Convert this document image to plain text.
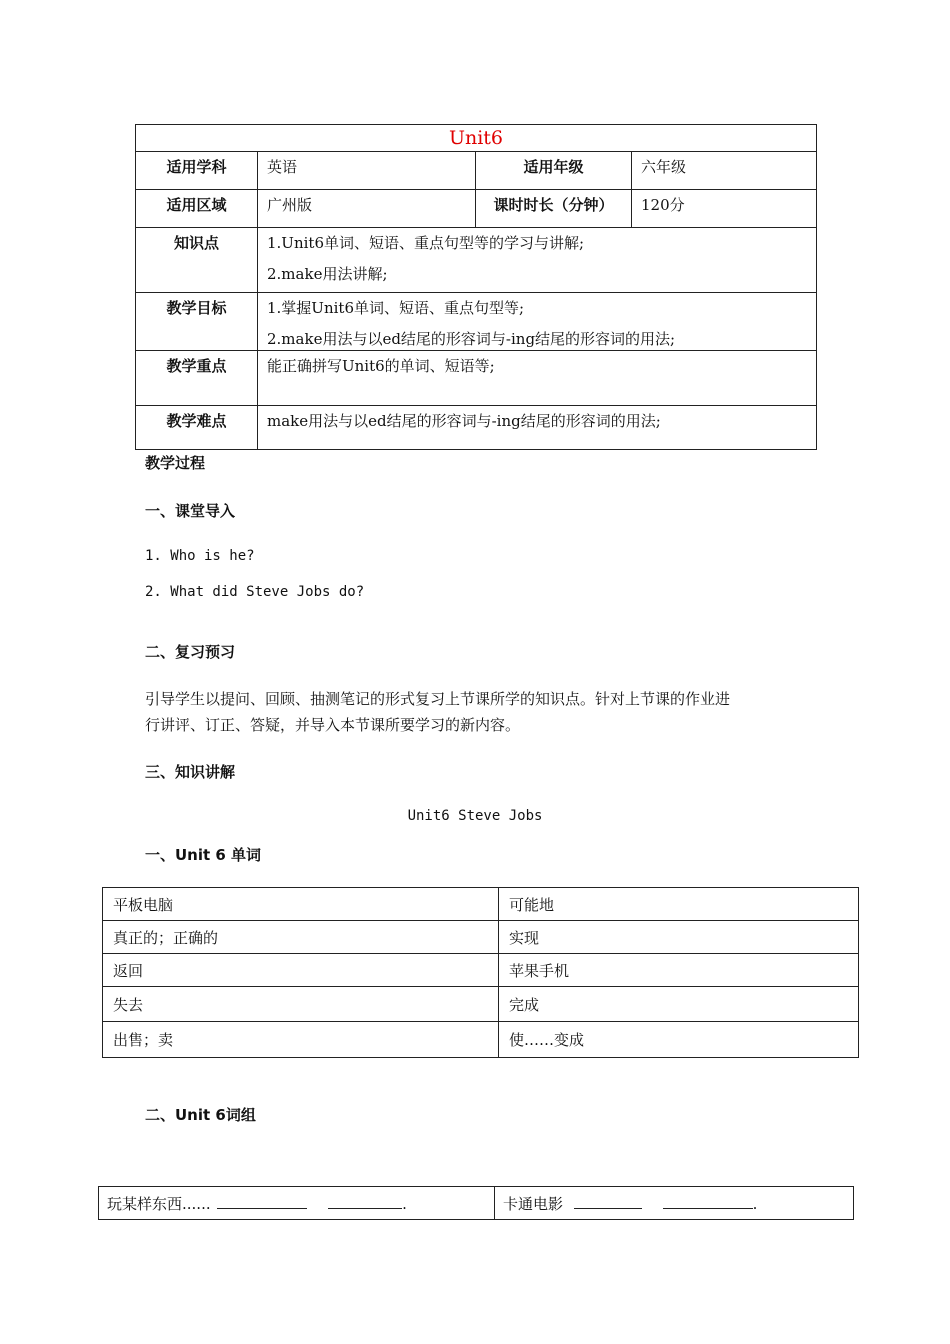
Unit6			
适用学科	英语	适用年级	六年级
适用区域	广州版	课时时长（分钟）	120分
知识点	1.Unit6单词、短语、重点句型等的学习与讲解;

2.make用法讲解;		

教学目标	1.掌握Unit6单词、短语、重点句型等;

2.make用法与以ed结尾的形容词与-ing结尾的形容词的用法;		

教学重点	能正确拼写Unit6的单词、短语等;		

教学难点	make用法与以ed结尾的形容词与-ing结尾的形容词的用法;		

教学过程
一、课堂导入
1. Who is he?
2. What did Steve Jobs do?
二、复习预习
引导学生以提问、回顾、抽测笔记的形式复习上节课所学的知识点。针对上节课的作业进
行讲评、订正、答疑，并导入本节课所要学习的新内容。
三、知识讲解
Unit6 Steve Jobs
一、Unit 6 单词
平板电脑	可能地
真正的；正确的	实现
返回	苹果手机
失去	完成
出售；卖	使……变成
二、Unit 6词组
玩某样东西......	.	卡通电影	.
